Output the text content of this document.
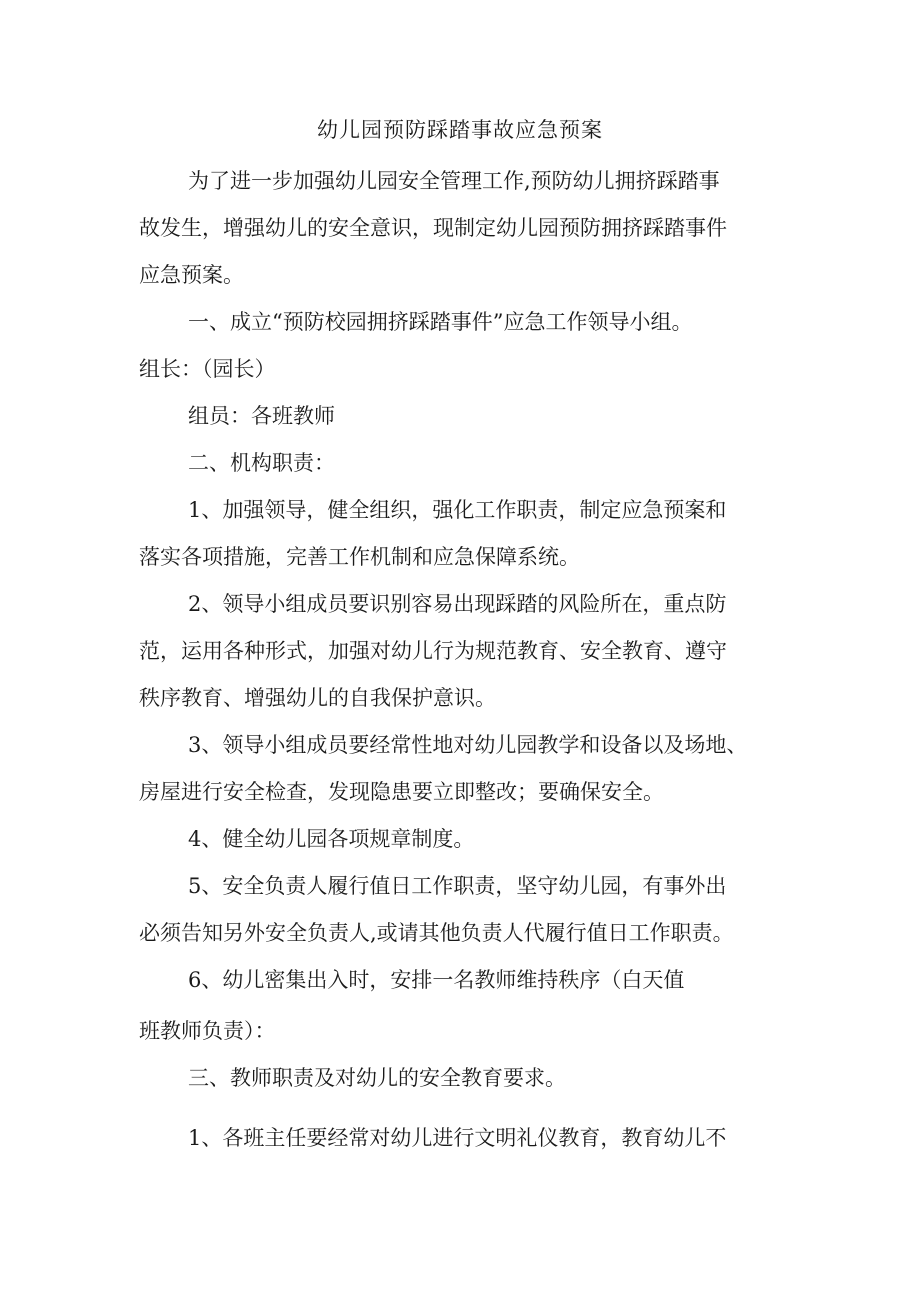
幼儿园预防踩踏事故应急预案
为了进一步加强幼儿园安全管理工作,预防幼儿拥挤踩踏事
故发生，增强幼儿的安全意识，现制定幼儿园预防拥挤踩踏事件
应急预案。
一、成立“预防校园拥挤踩踏事件”应急工作领导小组。
组长：（园长）
组员：各班教师
二、机构职责：
1、加强领导，健全组织，强化工作职责，制定应急预案和
落实各项措施，完善工作机制和应急保障系统。
2、领导小组成员要识别容易出现踩踏的风险所在，重点防
范，运用各种形式，加强对幼儿行为规范教育、安全教育、遵守
秩序教育、增强幼儿的自我保护意识。
3、领导小组成员要经常性地对幼儿园教学和设备以及场地、
房屋进行安全检查，发现隐患要立即整改；要确保安全。
4、健全幼儿园各项规章制度。
5、安全负责人履行值日工作职责，坚守幼儿园，有事外出
必须告知另外安全负责人,或请其他负责人代履行值日工作职责。
6、幼儿密集出入时，安排一名教师维持秩序（白天值
班教师负责）：
三、教师职责及对幼儿的安全教育要求。
1、各班主任要经常对幼儿进行文明礼仪教育，教育幼儿不
